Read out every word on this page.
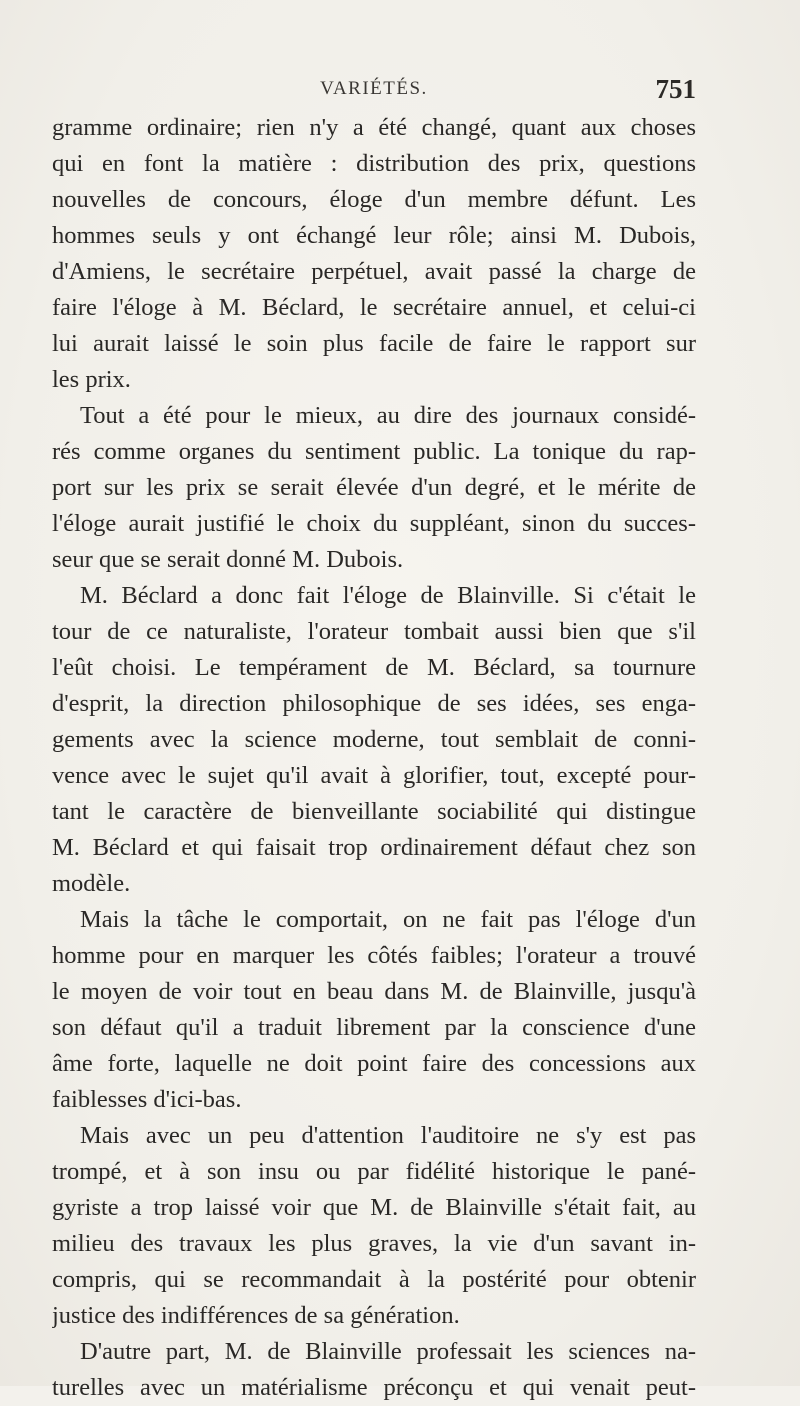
VARIÉTÉS.	751
gramme ordinaire; rien n'y a été changé, quant aux choses
qui en font la matière : distribution des prix, questions
nouvelles de concours, éloge d'un membre défunt. Les
hommes seuls y ont échangé leur rôle; ainsi M. Dubois,
d'Amiens, le secrétaire perpétuel, avait passé la charge de
faire l'éloge à M. Béclard, le secrétaire annuel, et celui-ci
lui aurait laissé le soin plus facile de faire le rapport sur
les prix.
Tout a été pour le mieux, au dire des journaux considé-
rés comme organes du sentiment public. La tonique du rap-
port sur les prix se serait élevée d'un degré, et le mérite de
l'éloge aurait justifié le choix du suppléant, sinon du succes-
seur que se serait donné M. Dubois.
M. Béclard a donc fait l'éloge de Blainville. Si c'était le
tour de ce naturaliste, l'orateur tombait aussi bien que s'il
l'eût choisi. Le tempérament de M. Béclard, sa tournure
d'esprit, la direction philosophique de ses idées, ses enga-
gements avec la science moderne, tout semblait de conni-
vence avec le sujet qu'il avait à glorifier, tout, excepté pour-
tant le caractère de bienveillante sociabilité qui distingue
M. Béclard et qui faisait trop ordinairement défaut chez son
modèle.
Mais la tâche le comportait, on ne fait pas l'éloge d'un
homme pour en marquer les côtés faibles; l'orateur a trouvé
le moyen de voir tout en beau dans M. de Blainville, jusqu'à
son défaut qu'il a traduit librement par la conscience d'une
âme forte, laquelle ne doit point faire des concessions aux
faiblesses d'ici-bas.
Mais avec un peu d'attention l'auditoire ne s'y est pas
trompé, et à son insu ou par fidélité historique le pané-
gyriste a trop laissé voir que M. de Blainville s'était fait, au
milieu des travaux les plus graves, la vie d'un savant in-
compris, qui se recommandait à la postérité pour obtenir
justice des indifférences de sa génération.
D'autre part, M. de Blainville professait les sciences na-
turelles avec un matérialisme préconçu et qui venait peut-
